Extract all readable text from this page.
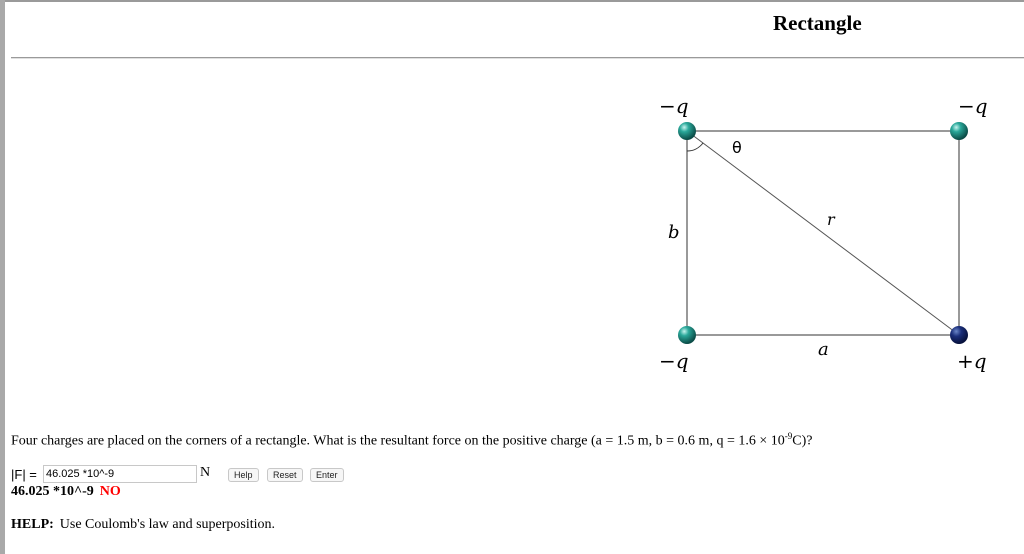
Rectangle
−q	−q
−q	+q
θ
r
b
a
Four charges are placed on the corners of a rectangle. What is the resultant force on the positive charge (a = 1.5 m, b = 0.6 m, $q = 1.6 \times 10^{-9}C$)?
|F| =
46.025 *10^-9	N	Help	Reset	Enter
46.025 *10^-9 NO
HELP: Use Coulomb's law and superposition.
